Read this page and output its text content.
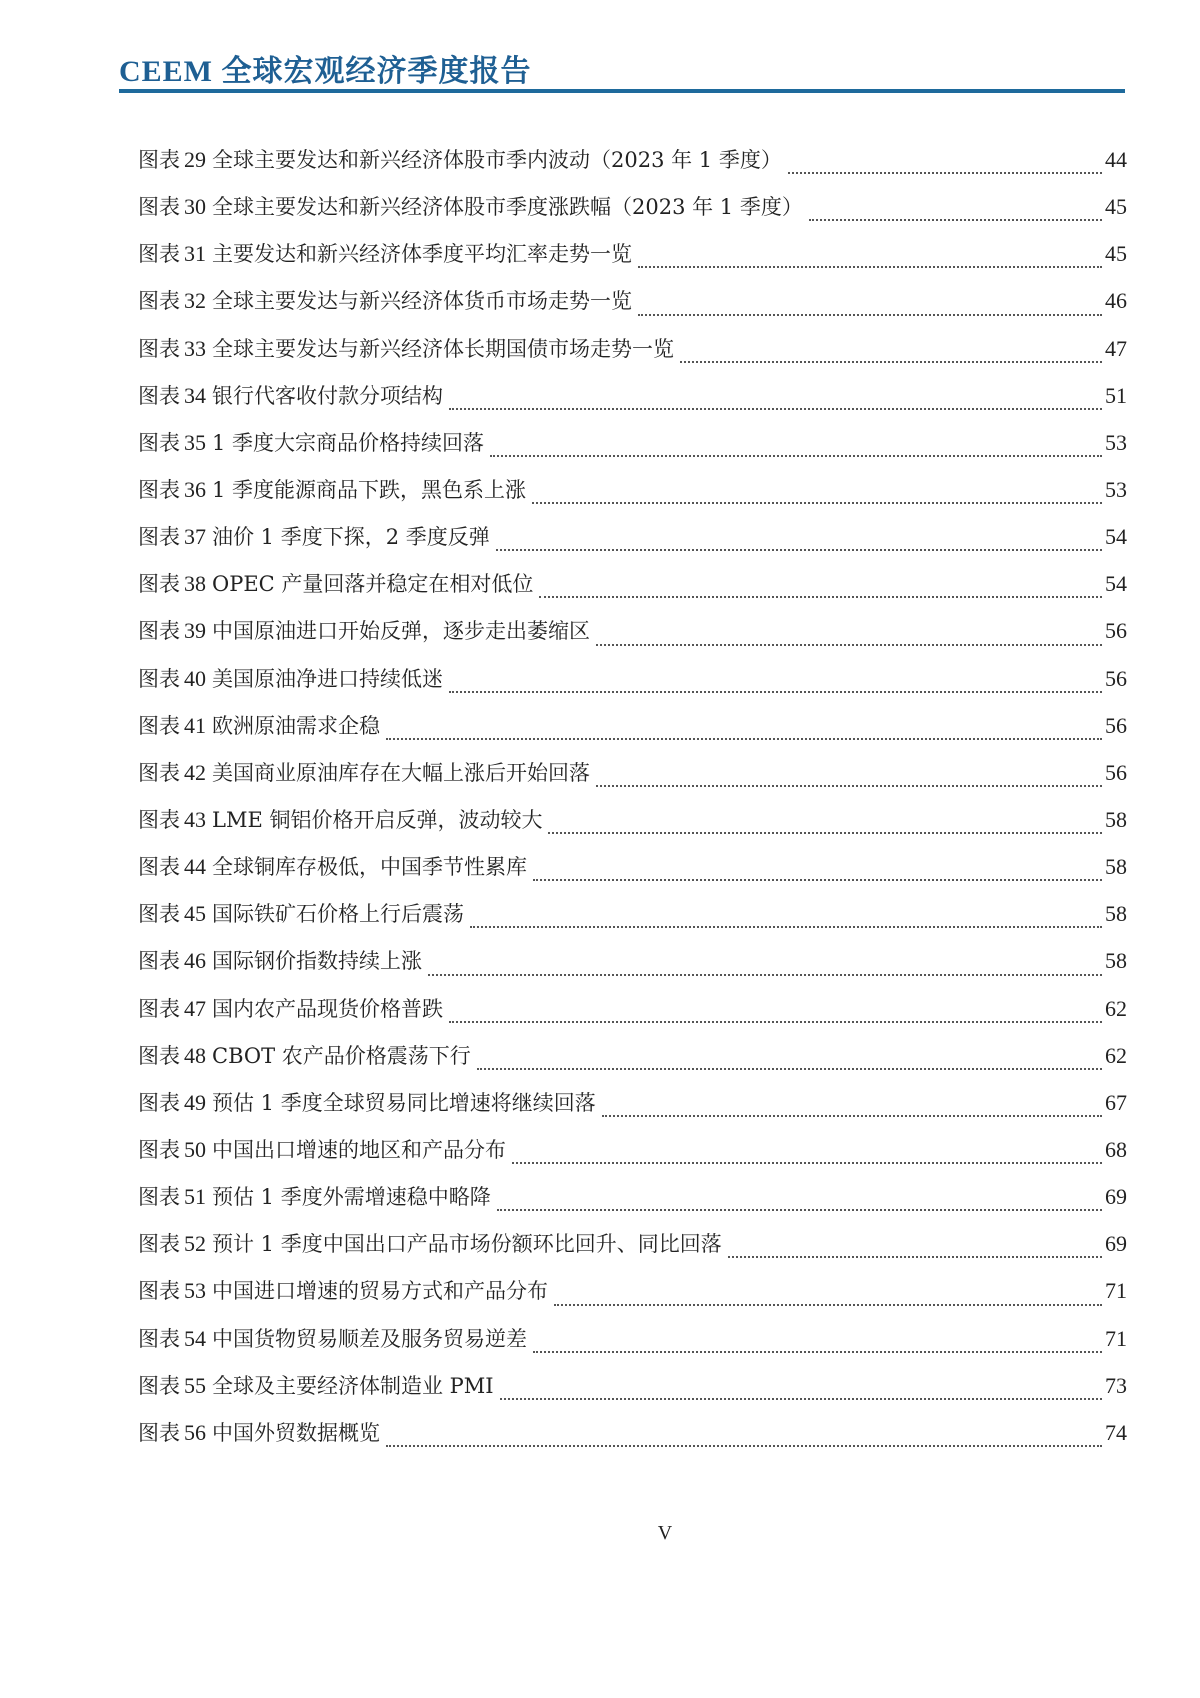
CEEM 全球宏观经济季度报告
图表 29 全球主要发达和新兴经济体股市季内波动（2023 年 1 季度）	44
图表 30 全球主要发达和新兴经济体股市季度涨跌幅（2023 年 1 季度）	45
图表 31 主要发达和新兴经济体季度平均汇率走势一览	45
图表 32 全球主要发达与新兴经济体货币市场走势一览	46
图表 33 全球主要发达与新兴经济体长期国债市场走势一览	47
图表 34 银行代客收付款分项结构	51
图表 35 1 季度大宗商品价格持续回落	53
图表 36 1 季度能源商品下跌，黑色系上涨	53
图表 37 油价 1 季度下探，2 季度反弹	54
图表 38 OPEC 产量回落并稳定在相对低位	54
图表 39 中国原油进口开始反弹，逐步走出萎缩区	56
图表 40 美国原油净进口持续低迷	56
图表 41 欧洲原油需求企稳	56
图表 42 美国商业原油库存在大幅上涨后开始回落	56
图表 43 LME 铜铝价格开启反弹，波动较大	58
图表 44 全球铜库存极低，中国季节性累库	58
图表 45 国际铁矿石价格上行后震荡	58
图表 46 国际钢价指数持续上涨	58
图表 47 国内农产品现货价格普跌	62
图表 48 CBOT 农产品价格震荡下行	62
图表 49 预估 1 季度全球贸易同比增速将继续回落	67
图表 50 中国出口增速的地区和产品分布	68
图表 51 预估 1 季度外需增速稳中略降	69
图表 52 预计 1 季度中国出口产品市场份额环比回升、同比回落	69
图表 53 中国进口增速的贸易方式和产品分布	71
图表 54 中国货物贸易顺差及服务贸易逆差	71
图表 55 全球及主要经济体制造业 PMI	73
图表 56 中国外贸数据概览	74
V
